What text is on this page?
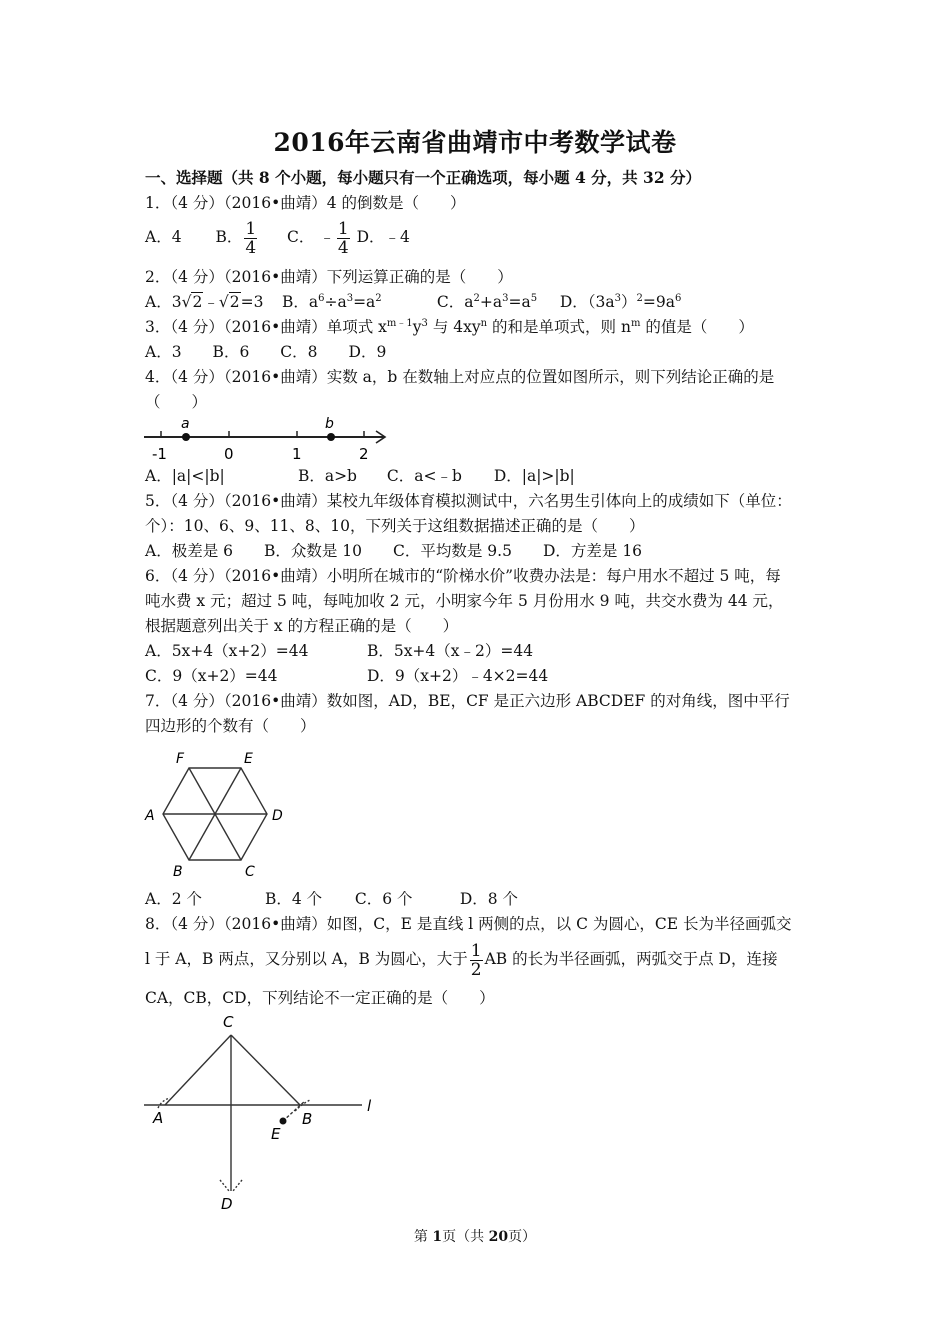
2016年云南省曲靖市中考数学试卷
一、选择题（共 8 个小题，每小题只有一个正确选项，每小题 4 分，共 32 分）
1．（4 分）（2016•曲靖）4 的倒数是（　　）
A．4 B． $\frac{1}{4}$ C． ﹣ $\frac{1}{4}$ D．﹣4
2．（4 分）（2016•曲靖）下列运算正确的是（　　）
A．3√2﹣√2=3 B．$a^6\div a^3=a^2$	C．$a^2+a^3=a^5$ D．$(3a^3)^2=9a^6$
3．（4 分）（2016•曲靖）单项式 $x^{m﹣1}y^3$ 与 $4xy^n$ 的和是单项式，则 $n^m$ 的值是（　　）
A．3　　B．6　　C．8　　D．9
4．（4 分）（2016•曲靖）实数 a，b 在数轴上对应点的位置如图所示，则下列结论正确的是
（　　）
a	b
-1	0	1	2
A．|a|<|b|	B．a>b C．a<﹣b D．|a|>|b|
5．（4 分）（2016•曲靖）某校九年级体育模拟测试中，六名男生引体向上的成绩如下（单位：
个）：10、6、9、11、8、10，下列关于这组数据描述正确的是（　　）
A．极差是 6　　B．众数是 10　　C．平均数是 9.5　　D．方差是 16
6．（4 分）（2016•曲靖）小明所在城市的“阶梯水价”收费办法是：每户用水不超过 5 吨，每
吨水费 x 元；超过 5 吨，每吨加收 2 元，小明家今年 5 月份用水 9 吨，共交水费为 44 元，
根据题意列出关于 x 的方程正确的是（　　）
A．5x+4（x+2）=44	B．5x+4（x﹣2）=44
C．9（x+2）=44	D．9（x+2）﹣4×2=44
7．（4 分）（2016•曲靖）数如图，AD，BE，CF 是正六边形 ABCDEF 的对角线，图中平行
四边形的个数有（　　）
F	E
A	D
B	C
A．2 个	B．4 个 C．6 个	D．8 个
8．（4 分）（2016•曲靖）如图，C，E 是直线 l 两侧的点，以 C 为圆心，CE 长为半径画弧交
l 于 A，B 两点，又分别以 A，B 为圆心，大于 $\frac{1}{2}$ AB 的长为半径画弧，两弧交于点 D，连接
CA，CB，CD，下列结论不一定正确的是（　　）
C
A	B
E
D
l
第 1页（共 20页）
